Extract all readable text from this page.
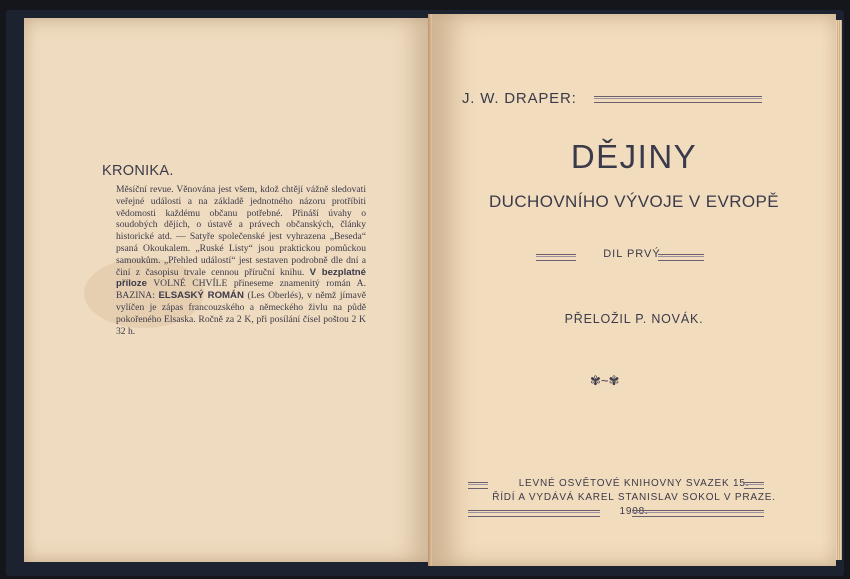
KRONIKA.
Měsíční revue. Věnována jest všem, kdož chtějí vážně sledovati veřejné události a na základě jednotného názoru protříbiti vědomosti každému občanu potřebné. Přináší úvahy o soudobých dějích, o ústavě a právech občanských, články historické atd. — Satyře společenské jest vyhrazena „Beseda“ psaná Okoukalem. „Ruské Listy“ jsou praktickou pomůckou samoukům. „Přehled událostí“ jest sestaven podrobně dle dní a činí z časopisu trvale cennou příruční knihu. V bezplatné příloze VOLNÉ CHVÍLE přineseme znamenitý román A. BAZINA: ELSASKÝ ROMÁN (Les Oberlés), v němž jímavě vylíčen je zápas francouzského a německého živlu na půdě pokořeného Elsaska. Ročně za 2 K, při posílání čísel poštou 2 K 32 h.
J. W. DRAPER:
DĚJINY
DUCHOVNÍHO VÝVOJE V EVROPĚ
DIL PRVÝ.
PŘELOŽIL P. NOVÁK.
✾~✾
LEVNÉ OSVĚTOVÉ KNIHOVNY SVAZEK 15.
ŘÍDÍ A VYDÁVÁ KAREL STANISLAV SOKOL V PRAZE.
1908.
